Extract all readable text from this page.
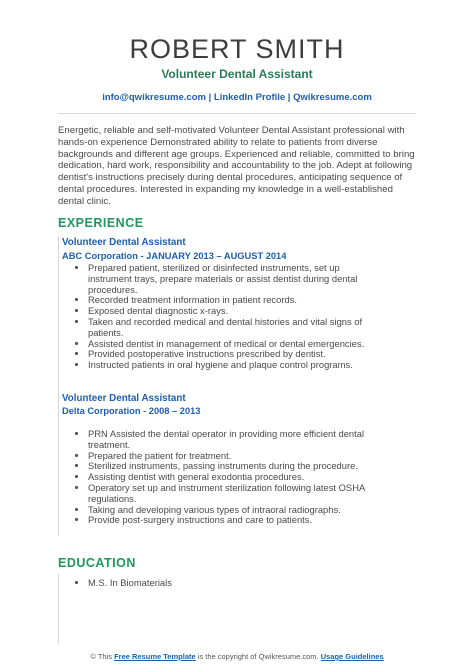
ROBERT SMITH
Volunteer Dental Assistant
info@qwikresume.com | LinkedIn Profile | Qwikresume.com
Energetic, reliable and self-motivated Volunteer Dental Assistant professional with hands-on experience Demonstrated ability to relate to patients from diverse backgrounds and different age groups. Experienced and reliable, committed to bring dedication, hard work, responsibility and accountability to the job. Adept at following dentist's instructions precisely during dental procedures, anticipating sequence of dental procedures. Interested in expanding my knowledge in a well-established dental clinic.
EXPERIENCE
Volunteer Dental Assistant
ABC Corporation - JANUARY 2013 – AUGUST 2014
• Prepared patient, sterilized or disinfected instruments, set up instrument trays, prepare materials or assist dentist during dental procedures.
• Recorded treatment information in patient records.
• Exposed dental diagnostic x-rays.
• Taken and recorded medical and dental histories and vital signs of patients.
• Assisted dentist in management of medical or dental emergencies.
• Provided postoperative instructions prescribed by dentist.
• Instructed patients in oral hygiene and plaque control programs.
Volunteer Dental Assistant
Delta Corporation - 2008 – 2013
• PRN Assisted the dental operator in providing more efficient dental treatment.
• Prepared the patient for treatment.
• Sterilized instruments, passing instruments during the procedure.
• Assisting dentist with general exodontia procedures.
• Operatory set up and instrument sterilization following latest OSHA regulations.
• Taking and developing various types of intraoral radiographs.
• Provide post-surgery instructions and care to patients.
EDUCATION
• M.S. In Biomaterials
© This Free Resume Template is the copyright of Qwikresume.com. Usage Guidelines
